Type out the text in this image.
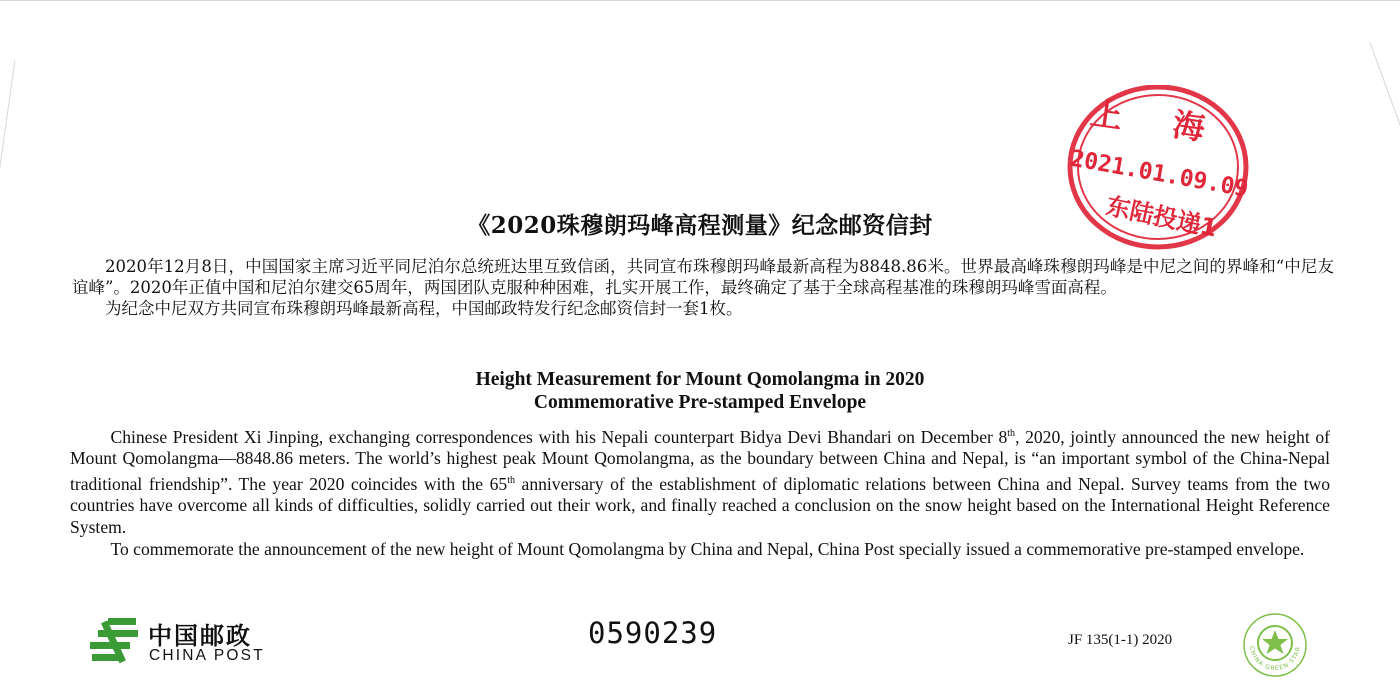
上 海
2021.01.09.09
东陆投递1
《2020珠穆朗玛峰高程测量》纪念邮资信封

2020年12月8日，中国国家主席习近平同尼泊尔总统班达里互致信函，共同宣布珠穆朗玛峰最新高程为8848.86米。世界最高峰珠穆朗玛峰是中尼之间的界峰和“中尼友谊峰”。2020年正值中国和尼泊尔建交65周年，两国团队克服种种困难，扎实开展工作，最终确定了基于全球高程基准的珠穆朗玛峰雪面高程。

为纪念中尼双方共同宣布珠穆朗玛峰最新高程，中国邮政特发行纪念邮资信封一套1枚。

Height Measurement for Mount Qomolangma in 2020
Commemorative Pre-stamped Envelope

Chinese President Xi Jinping, exchanging correspondences with his Nepali counterpart Bidya Devi Bhandari on December 8th, 2020, jointly announced the new height of Mount Qomolangma—8848.86 meters. The world’s highest peak Mount Qomolangma, as the boundary between China and Nepal, is “an important symbol of the China-Nepal traditional friendship”. The year 2020 coincides with the 65th anniversary of the establishment of diplomatic relations between China and Nepal. Survey teams from the two countries have overcome all kinds of difficulties, solidly carried out their work, and finally reached a conclusion on the snow height based on the International Height Reference System.

To commemorate the announcement of the new height of Mount Qomolangma by China and Nepal, China Post specially issued a commemorative pre-stamped envelope.

中国邮政
CHINA POST
0590239	JF 135(1-1) 2020
CHINA GREEN STAR
